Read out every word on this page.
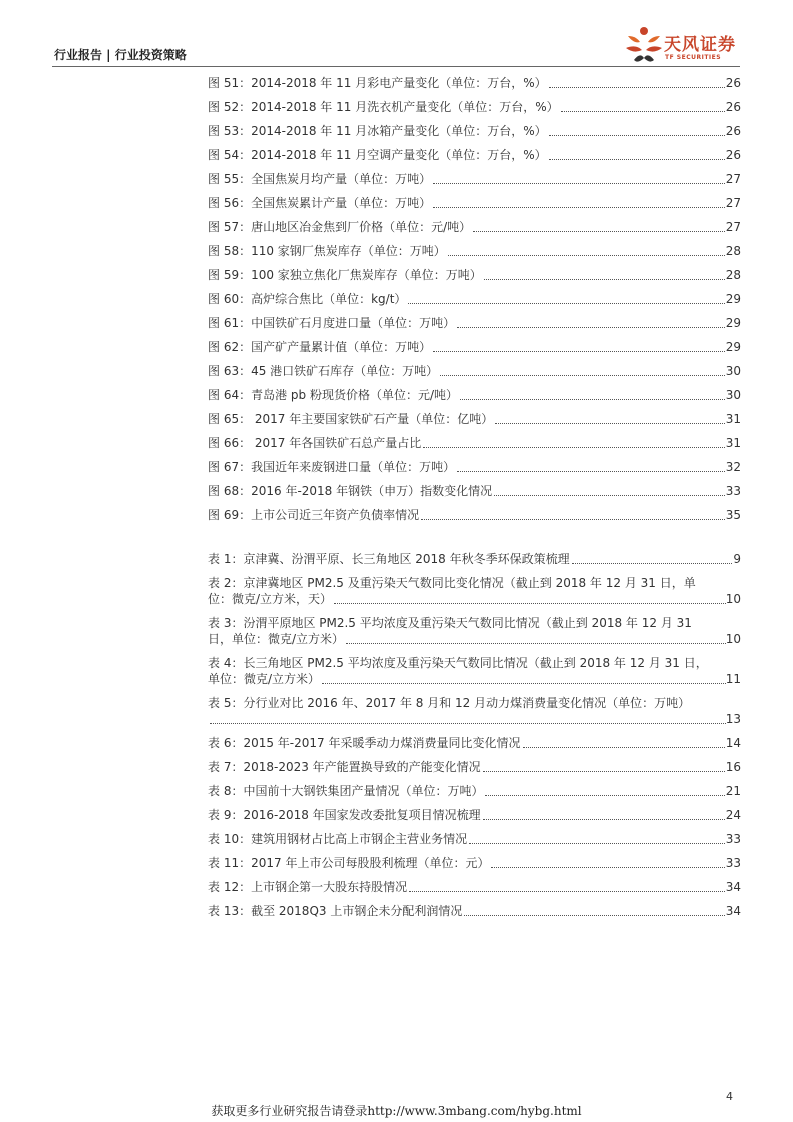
行业报告 | 行业投资策略	天风证券
TF SECURITIES
图 51：2014-2018 年 11 月彩电产量变化（单位：万台，%）	26
图 52：2014-2018 年 11 月洗衣机产量变化（单位：万台，%）	26
图 53：2014-2018 年 11 月冰箱产量变化（单位：万台，%）	26
图 54：2014-2018 年 11 月空调产量变化（单位：万台，%）	26
图 55：全国焦炭月均产量（单位：万吨）	27
图 56：全国焦炭累计产量（单位：万吨）	27
图 57：唐山地区冶金焦到厂价格（单位：元/吨）	27
图 58：110 家钢厂焦炭库存（单位：万吨）	28
图 59：100 家独立焦化厂焦炭库存（单位：万吨）	28
图 60：高炉综合焦比（单位：kg/t）	29
图 61：中国铁矿石月度进口量（单位：万吨）	29
图 62：国产矿产量累计值（单位：万吨）	29
图 63：45 港口铁矿石库存（单位：万吨）	30
图 64：青岛港 pb 粉现货价格（单位：元/吨）	30
图 65： 2017 年主要国家铁矿石产量（单位：亿吨）	31
图 66： 2017 年各国铁矿石总产量占比	31
图 67：我国近年来废钢进口量（单位：万吨）	32
图 68：2016 年-2018 年钢铁（申万）指数变化情况	33
图 69：上市公司近三年资产负债率情况	35
表 1：京津冀、汾渭平原、长三角地区 2018 年秋冬季环保政策梳理	9
表 2：京津冀地区 PM2.5 及重污染天气数同比变化情况（截止到 2018 年 12 月 31 日，单
位：微克/立方米，天）	10
表 3：汾渭平原地区 PM2.5 平均浓度及重污染天气数同比情况（截止到 2018 年 12 月 31
日，单位：微克/立方米）	10
表 4：长三角地区 PM2.5 平均浓度及重污染天气数同比情况（截止到 2018 年 12 月 31 日，
单位：微克/立方米）	11
表 5：分行业对比 2016 年、2017 年 8 月和 12 月动力煤消费量变化情况（单位：万吨）
13
表 6：2015 年-2017 年采暖季动力煤消费量同比变化情况	14
表 7：2018-2023 年产能置换导致的产能变化情况	16
表 8：中国前十大钢铁集团产量情况（单位：万吨）	21
表 9：2016-2018 年国家发改委批复项目情况梳理	24
表 10：建筑用钢材占比高上市钢企主营业务情况	33
表 11：2017 年上市公司每股股利梳理（单位：元）	33
表 12：上市钢企第一大股东持股情况	34
表 13：截至 2018Q3 上市钢企未分配利润情况	34
4
获取更多行业研究报告请登录http://www.3mbang.com/hybg.html
